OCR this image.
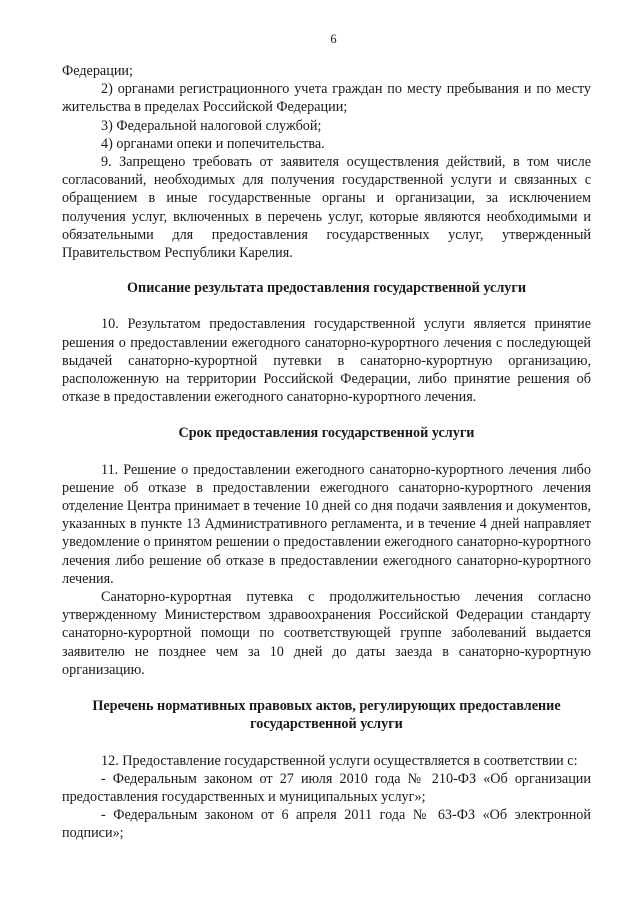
6

Федерации;

2) органами регистрационного учета граждан по месту пребывания и по месту жительства в пределах Российской Федерации;

3) Федеральной налоговой службой;

4) органами опеки и попечительства.

9. Запрещено требовать от заявителя осуществления действий, в том числе согласований, необходимых для получения государственной услуги и связанных с обращением в иные государственные органы и организации, за исключением получения услуг, включенных в перечень услуг, которые являются необходимыми и обязательными для предоставления государственных услуг, утвержденный Правительством Республики Карелия.

Описание результата предоставления государственной услуги

10. Результатом предоставления государственной услуги является принятие решения о предоставлении ежегодного санаторно-курортного лечения с последующей выдачей санаторно-курортной путевки в санаторно-курортную организацию, расположенную на территории Российской Федерации, либо принятие решения об отказе в предоставлении ежегодного санаторно-курортного лечения.

Срок предоставления государственной услуги

11. Решение о предоставлении ежегодного санаторно-курортного лечения либо решение об отказе в предоставлении ежегодного санаторно-курортного лечения отделение Центра принимает в течение 10 дней со дня подачи заявления и документов, указанных в пункте 13 Административного регламента, и в течение 4 дней направляет уведомление о принятом решении о предоставлении ежегодного санаторно-курортного лечения либо решение об отказе в предоставлении ежегодного санаторно-курортного лечения.

Санаторно-курортная путевка с продолжительностью лечения согласно утвержденному Министерством здравоохранения Российской Федерации стандарту санаторно-курортной помощи по соответствующей группе заболеваний выдается заявителю не позднее чем за 10 дней до даты заезда в санаторно-курортную организацию.

Перечень нормативных правовых актов, регулирующих предоставление
государственной услуги

12. Предоставление государственной услуги осуществляется в соответствии с:

- Федеральным законом от 27 июля 2010 года № 210-ФЗ «Об организации предоставления государственных и муниципальных услуг»;

- Федеральным законом от 6 апреля 2011 года № 63-ФЗ «Об электронной подписи»;
